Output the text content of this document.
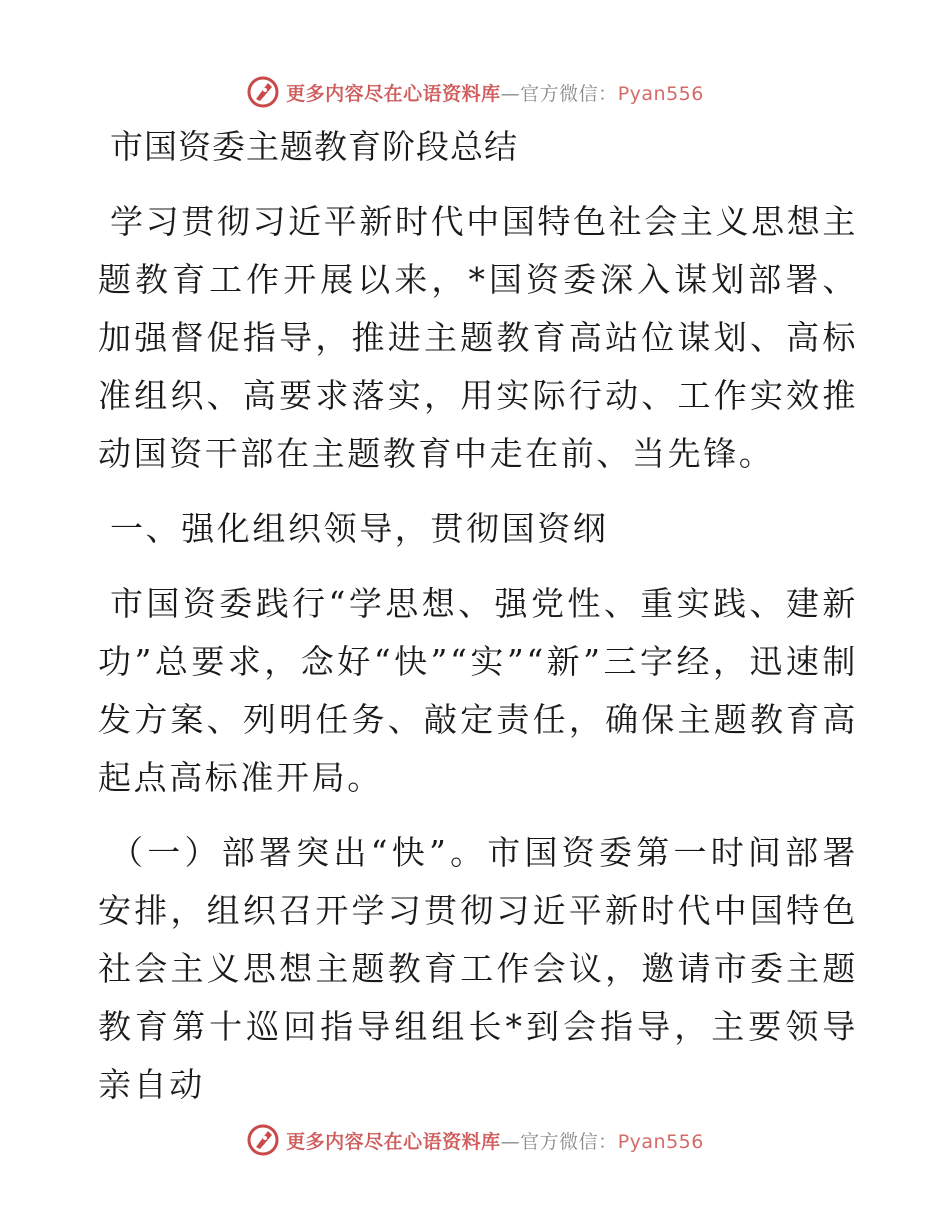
更多内容尽在心语资料库—官方微信：Pyan556
市国资委主题教育阶段总结

学习贯彻习近平新时代中国特色社会主义思想主题教育工作开展以来，*国资委深入谋划部署、加强督促指导，推进主题教育高站位谋划、高标准组织、高要求落实，用实际行动、工作实效推动国资干部在主题教育中走在前、当先锋。

一、强化组织领导，贯彻国资纲

市国资委践行“学思想、强党性、重实践、建新功”总要求，念好“快”“实”“新”三字经，迅速制发方案、列明任务、敲定责任，确保主题教育高起点高标准开局。

（一）部署突出“快”。市国资委第一时间部署安排，组织召开学习贯彻习近平新时代中国特色社会主义思想主题教育工作会议，邀请市委主题教育第十巡回指导组组长*到会指导，主要领导亲自动

更多内容尽在心语资料库—官方微信：Pyan556
